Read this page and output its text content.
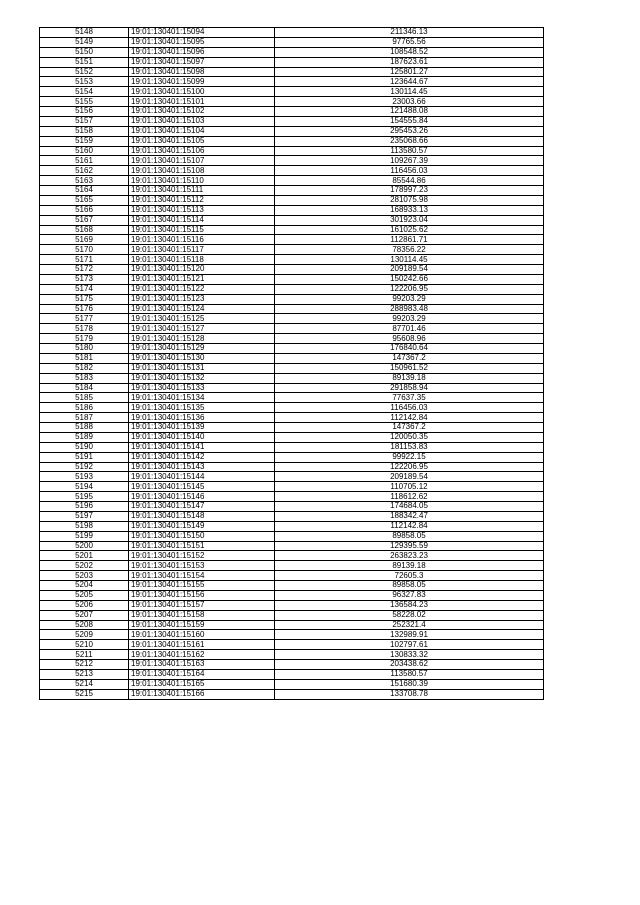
5148	19:01:130401:15094	211346.13
5149	19:01:130401:15095	97765.56
5150	19:01:130401:15096	108548.52
5151	19:01:130401:15097	187623.61
5152	19:01:130401:15098	125801.27
5153	19:01:130401:15099	123644.67
5154	19:01:130401:15100	130114.45
5155	19:01:130401:15101	23003.66
5156	19:01:130401:15102	121488.08
5157	19:01:130401:15103	154555.84
5158	19:01:130401:15104	295453.26
5159	19:01:130401:15105	235068.66
5160	19:01:130401:15106	113580.57
5161	19:01:130401:15107	109267.39
5162	19:01:130401:15108	116456.03
5163	19:01:130401:15110	85544.86
5164	19:01:130401:15111	178997.23
5165	19:01:130401:15112	281075.98
5166	19:01:130401:15113	168933.13
5167	19:01:130401:15114	301923.04
5168	19:01:130401:15115	161025.62
5169	19:01:130401:15116	112861.71
5170	19:01:130401:15117	78356.22
5171	19:01:130401:15118	130114.45
5172	19:01:130401:15120	209189.54
5173	19:01:130401:15121	150242.66
5174	19:01:130401:15122	122206.95
5175	19:01:130401:15123	99203.29
5176	19:01:130401:15124	288983.48
5177	19:01:130401:15125	99203.29
5178	19:01:130401:15127	87701.46
5179	19:01:130401:15128	95608.96
5180	19:01:130401:15129	176840.64
5181	19:01:130401:15130	147367.2
5182	19:01:130401:15131	150961.52
5183	19:01:130401:15132	89139.18
5184	19:01:130401:15133	291858.94
5185	19:01:130401:15134	77637.35
5186	19:01:130401:15135	116456.03
5187	19:01:130401:15136	112142.84
5188	19:01:130401:15139	147367.2
5189	19:01:130401:15140	120050.35
5190	19:01:130401:15141	181153.83
5191	19:01:130401:15142	99922.15
5192	19:01:130401:15143	122206.95
5193	19:01:130401:15144	209189.54
5194	19:01:130401:15145	110705.12
5195	19:01:130401:15146	118612.62
5196	19:01:130401:15147	174684.05
5197	19:01:130401:15148	188342.47
5198	19:01:130401:15149	112142.84
5199	19:01:130401:15150	89858.05
5200	19:01:130401:15151	129395.59
5201	19:01:130401:15152	263823.23
5202	19:01:130401:15153	89139.18
5203	19:01:130401:15154	72605.3
5204	19:01:130401:15155	89858.05
5205	19:01:130401:15156	96327.83
5206	19:01:130401:15157	136584.23
5207	19:01:130401:15158	58228.02
5208	19:01:130401:15159	252321.4
5209	19:01:130401:15160	132989.91
5210	19:01:130401:15161	102797.61
5211	19:01:130401:15162	130833.32
5212	19:01:130401:15163	203438.62
5213	19:01:130401:15164	113580.57
5214	19:01:130401:15165	151680.39
5215	19:01:130401:15166	133708.78
